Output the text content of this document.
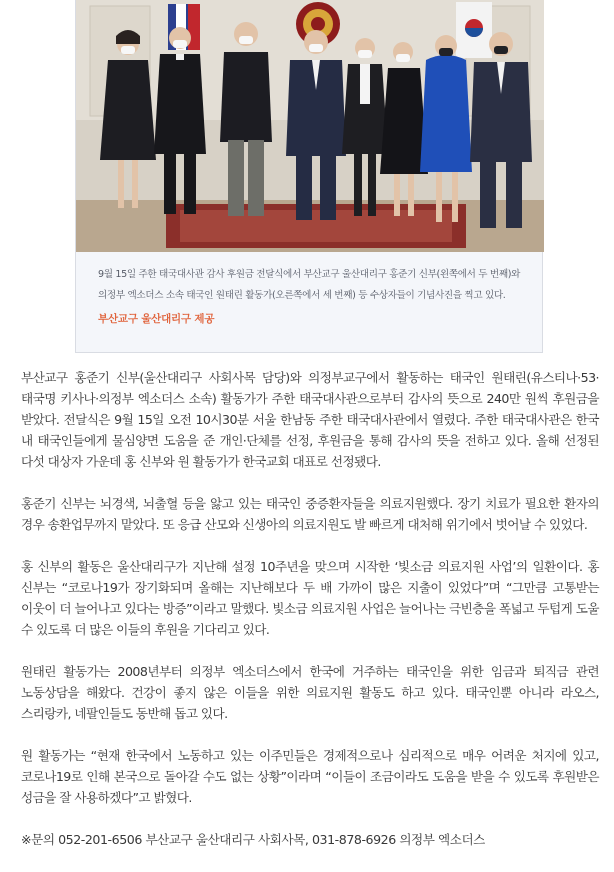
9월 15일 주한 태국대사관 감사 후원금 전달식에서 부산교구 울산대리구 홍준기 신부(왼쪽에서 두 번째)와 의정부 엑소더스 소속 태국인 원태린 활동가(오른쪽에서 세 번째) 등 수상자들이 기념사진을 찍고 있다.

부산교구 울산대리구 제공

부산교구 홍준기 신부(울산대리구 사회사목 담당)와 의정부교구에서 활동하는 태국인 원태린(유스티나·53·태국명 키사나·의정부 엑소더스 소속) 활동가가 주한 태국대사관으로부터 감사의 뜻으로 240만 원씩 후원금을 받았다. 전달식은 9월 15일 오전 10시30분 서울 한남동 주한 태국대사관에서 열렸다. 주한 태국대사관은 한국 내 태국인들에게 물심양면 도움을 준 개인·단체를 선정, 후원금을 통해 감사의 뜻을 전하고 있다. 올해 선정된 다섯 대상자 가운데 홍 신부와 원 활동가가 한국교회 대표로 선정됐다.

홍준기 신부는 뇌경색, 뇌출혈 등을 앓고 있는 태국인 중증환자들을 의료지원했다. 장기 치료가 필요한 환자의 경우 송환업무까지 맡았다. 또 응급 산모와 신생아의 의료지원도 발 빠르게 대처해 위기에서 벗어날 수 있었다.

홍 신부의 활동은 울산대리구가 지난해 설정 10주년을 맞으며 시작한 ‘빛소금 의료지원 사업’의 일환이다. 홍 신부는 “코로나19가 장기화되며 올해는 지난해보다 두 배 가까이 많은 지출이 있었다”며 “그만큼 고통받는 이웃이 더 늘어나고 있다는 방증”이라고 말했다. 빛소금 의료지원 사업은 늘어나는 극빈층을 폭넓고 두텁게 도울 수 있도록 더 많은 이들의 후원을 기다리고 있다.

원태린 활동가는 2008년부터 의정부 엑소더스에서 한국에 거주하는 태국인을 위한 임금과 퇴직금 관련 노동상담을 해왔다. 건강이 좋지 않은 이들을 위한 의료지원 활동도 하고 있다. 태국인뿐 아니라 라오스, 스리랑카, 네팔인들도 동반해 돕고 있다.

원 활동가는 “현재 한국에서 노동하고 있는 이주민들은 경제적으로나 심리적으로 매우 어려운 처지에 있고, 코로나19로 인해 본국으로 돌아갈 수도 없는 상황”이라며 “이들이 조금이라도 도움을 받을 수 있도록 후원받은 성금을 잘 사용하겠다”고 밝혔다.

※문의 052-201-6506 부산교구 울산대리구 사회사목, 031-878-6926 의정부 엑소더스
